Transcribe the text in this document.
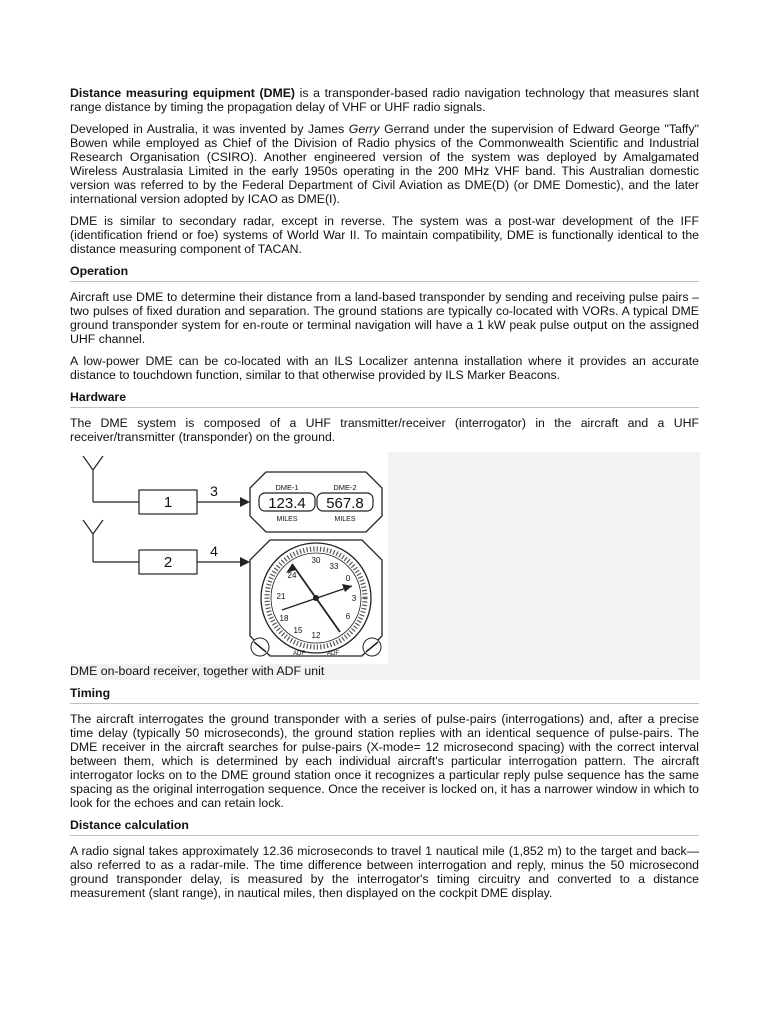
Distance measuring equipment (DME) is a transponder-based radio navigation technology that measures slant range distance by timing the propagation delay of VHF or UHF radio signals.

Developed in Australia, it was invented by James Gerry Gerrand under the supervision of Edward George "Taffy" Bowen while employed as Chief of the Division of Radio physics of the Commonwealth Scientific and Industrial Research Organisation (CSIRO). Another engineered version of the system was deployed by Amalgamated Wireless Australasia Limited in the early 1950s operating in the 200 MHz VHF band. This Australian domestic version was referred to by the Federal Department of Civil Aviation as DME(D) (or DME Domestic), and the later international version adopted by ICAO as DME(I).

DME is similar to secondary radar, except in reverse. The system was a post-war development of the IFF (identification friend or foe) systems of World War II. To maintain compatibility, DME is functionally identical to the distance measuring component of TACAN.

Operation

Aircraft use DME to determine their distance from a land-based transponder by sending and receiving pulse pairs – two pulses of fixed duration and separation. The ground stations are typically co-located with VORs. A typical DME ground transponder system for en-route or terminal navigation will have a 1 kW peak pulse output on the assigned UHF channel.

A low-power DME can be co-located with an ILS Localizer antenna installation where it provides an accurate distance to touchdown function, similar to that otherwise provided by ILS Marker Beacons.

Hardware

The DME system is composed of a UHF transmitter/receiver (interrogator) in the aircraft and a UHF receiver/transmitter (transponder) on the ground.

1
3
2
4
DME-1	DME-2
123.4 567.8
MILES	MILES
30
33
0
3
6
12
15
18
21
24
ADF	ADF
DME on-board receiver, together with ADF unit
Timing

The aircraft interrogates the ground transponder with a series of pulse-pairs (interrogations) and, after a precise time delay (typically 50 microseconds), the ground station replies with an identical sequence of pulse-pairs. The DME receiver in the aircraft searches for pulse-pairs (X-mode= 12 microsecond spacing) with the correct interval between them, which is determined by each individual aircraft's particular interrogation pattern. The aircraft interrogator locks on to the DME ground station once it recognizes a particular reply pulse sequence has the same spacing as the original interrogation sequence. Once the receiver is locked on, it has a narrower window in which to look for the echoes and can retain lock.

Distance calculation

A radio signal takes approximately 12.36 microseconds to travel 1 nautical mile (1,852 m) to the target and back—also referred to as a radar-mile. The time difference between interrogation and reply, minus the 50 microsecond ground transponder delay, is measured by the interrogator's timing circuitry and converted to a distance measurement (slant range), in nautical miles, then displayed on the cockpit DME display.
